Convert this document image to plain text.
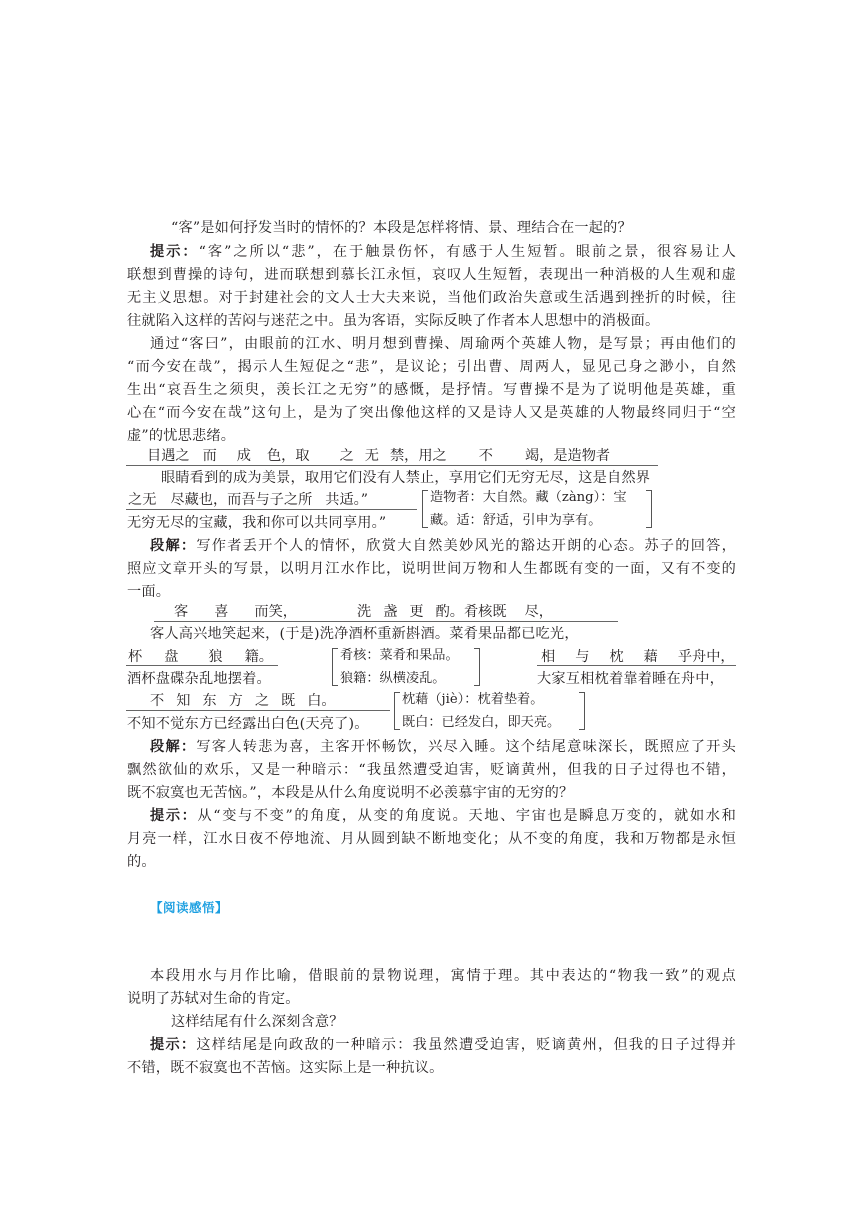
“客”是如何抒发当时的情怀的？本段是怎样将情、景、理结合在一起的？
提示：“客”之所以“悲”，在于触景伤怀，有感于人生短暂。眼前之景，很容易让人
联想到曹操的诗句，进而联想到慕长江永恒，哀叹人生短暂，表现出一种消极的人生观和虚
无主义思想。对于封建社会的文人士大夫来说，当他们政治失意或生活遇到挫折的时候，往
往就陷入这样的苦闷与迷茫之中。虽为客语，实际反映了作者本人思想中的消极面。
通过“客曰”，由眼前的江水、明月想到曹操、周瑜两个英雄人物，是写景；再由他们的
“而今安在哉”，揭示人生短促之“悲”，是议论；引出曹、周两人，显见己身之渺小，自然
生出“哀吾生之须臾，羡长江之无穷”的感慨，是抒情。写曹操不是为了说明他是英雄，重
心在“而今安在哉”这句上，是为了突出像他这样的又是诗人又是英雄的人物最终同归于“空
虚”的忧思悲绪。
目遇之 而 成 色，取 之 无 禁，用之 不 竭，是造物者
眼睛看到的成为美景，取用它们没有人禁止，享用它们无穷无尽，这是自然界
之无 尽藏也，而吾与子之所 共适。”
无穷无尽的宝藏，我和你可以共同享用。”
造物者：大自然。藏（zàng）：宝
藏。适：舒适，引申为享有。
段解：写作者丢开个人的情怀，欣赏大自然美妙风光的豁达开朗的心态。苏子的回答，
照应文章开头的写景，以明月江水作比，说明世间万物和人生都既有变的一面，又有不变的
一面。
客 喜 而笑，	洗 盏 更 酌。肴核既 尽，
客人高兴地笑起来，(于是)洗净酒杯重新斟酒。菜肴果品都已吃光，
杯 盘 狼 籍。
酒杯盘碟杂乱地摆着。
肴核：菜肴和果品。
狼籍：纵横凌乱。
相 与 枕 藉 乎舟中，
大家互相枕着靠着睡在舟中，
不 知 东 方 之 既 白。
不知不觉东方已经露出白色(天亮了)。
枕藉（jiè）：枕着垫着。
既白：已经发白，即天亮。
段解：写客人转悲为喜，主客开怀畅饮，兴尽入睡。这个结尾意味深长，既照应了开头
飘然欲仙的欢乐，又是一种暗示：“我虽然遭受迫害，贬谪黄州，但我的日子过得也不错，
既不寂寞也无苦恼。”，本段是从什么角度说明不必羡慕宇宙的无穷的？
提示：从“变与不变”的角度，从变的角度说。天地、宇宙也是瞬息万变的，就如水和
月亮一样，江水日夜不停地流、月从圆到缺不断地变化；从不变的角度，我和万物都是永恒
的。
【阅读感悟】
本段用水与月作比喻，借眼前的景物说理，寓情于理。其中表达的“物我一致”的观点
说明了苏轼对生命的肯定。
这样结尾有什么深刻含意？
提示：这样结尾是向政敌的一种暗示：我虽然遭受迫害，贬谪黄州，但我的日子过得并
不错，既不寂寞也不苦恼。这实际上是一种抗议。
